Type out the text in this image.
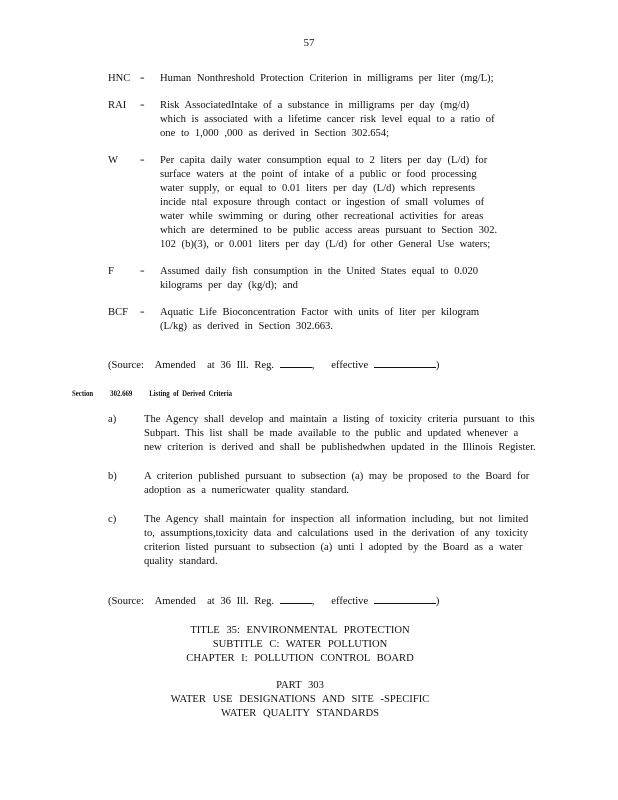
57
HNC	=	Human Nonthreshold Protection Criterion in milligrams per liter (mg/L);
RAI	=	Risk AssociatedIntake of a substance in milligrams per day (mg/d) which is associated with a lifetime cancer risk level equal to a ratio of one to 1,000 ,000 as derived in Section 302.654;
W	=	Per capita daily water consumption equal to 2 liters per day (L/d) for surface waters at the point of intake of a public or food processing water supply, or equal to 0.01 liters per day (L/d) which represents incide ntal exposure through contact or ingestion of small volumes of water while swimming or during other recreational activities for areas which are determined to be public access areas pursuant to Section 302. 102 (b)(3), or 0.001 liters per day (L/d) for other General Use waters;
F	=	Assumed daily fish consumption in the United States equal to 0.020 kilograms per day (kg/d); and
BCF	=	Aquatic Life Bioconcentration Factor with units of liter per kilogram (L/kg) as derived in Section 302.663.
(Source:  Amended  at 36 Ill. Reg.	,   effective	)
Section 302.669 Listing  of  Derived  Criteria
a)	The Agency shall develop and maintain a listing of toxicity criteria pursuant to this Subpart. This list shall be made available to the public and updated whenever a new criterion is derived and shall be publishedwhen updated in the Illinois Register.
b)	A criterion published pursuant to subsection (a) may be proposed to the Board for adoption as a numericwater quality standard.
c)	The Agency shall maintain for inspection all information including, but not limited to, assumptions,toxicity data and calculations used in the derivation of any toxicity criterion listed pursuant to subsection (a) unti l adopted by the Board as a water quality standard.
(Source:  Amended  at 36 Ill. Reg.	,   effective	)
TITLE 35: ENVIRONMENTAL PROTECTION
SUBTITLE C: WATER POLLUTION
CHAPTER I: POLLUTION CONTROL BOARD
PART 303
WATER USE DESIGNATIONS AND SITE -SPECIFIC
WATER QUALITY STANDARDS
